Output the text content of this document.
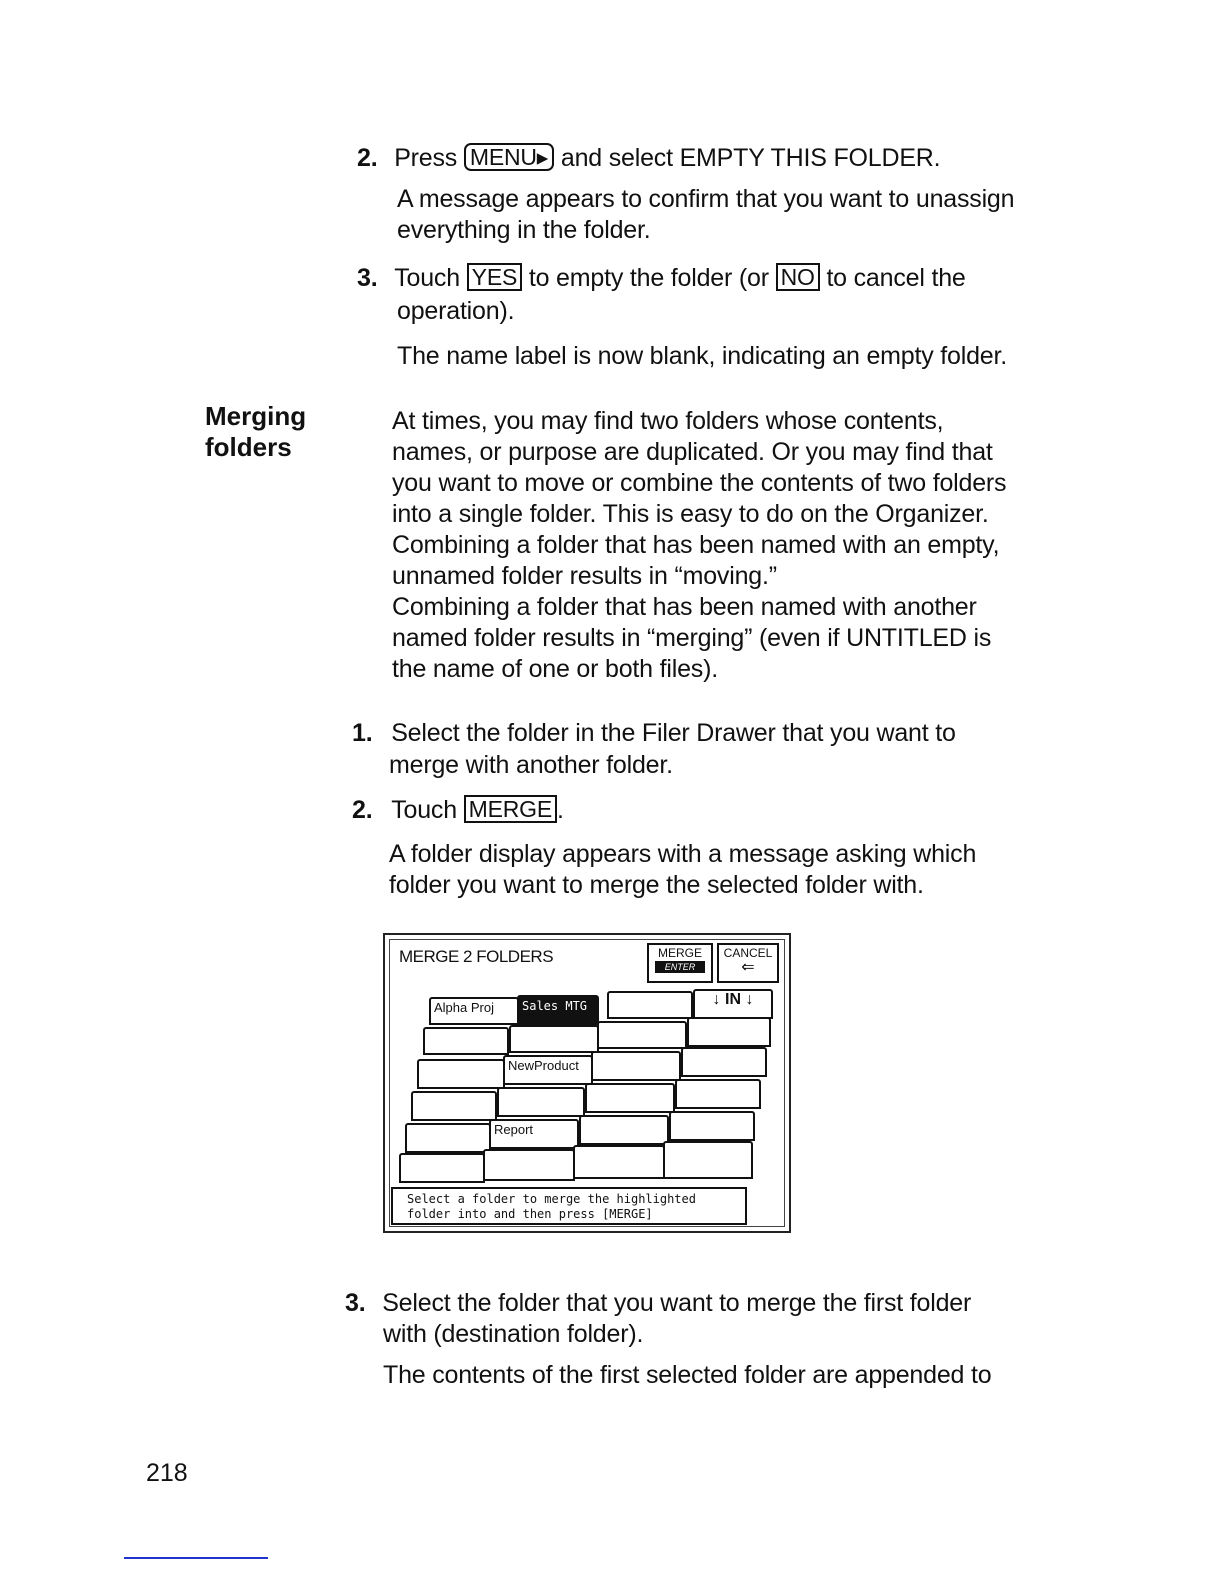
2. Press MENU▸ and select EMPTY THIS FOLDER.
A message appears to confirm that you want to unassign
everything in the folder.
3. Touch YES to empty the folder (or NO to cancel the
operation).
The name label is now blank, indicating an empty folder.
Merging
folders
At times, you may find two folders whose contents,
names, or purpose are duplicated. Or you may find that
you want to move or combine the contents of two folders
into a single folder. This is easy to do on the Organizer.
Combining a folder that has been named with an empty,
unnamed folder results in “moving.”
Combining a folder that has been named with another
named folder results in “merging” (even if UNTITLED is
the name of one or both files).
1. Select the folder in the Filer Drawer that you want to
merge with another folder.
2. Touch MERGE .
A folder display appears with a message asking which
folder you want to merge the selected folder with.
MERGE 2 FOLDERS	MERGE
ENTER
CANCEL
⇐
Alpha Proj	Sales MTG	↓ IN ↓
NewProduct
Report
Select a folder to merge the highlighted
folder into and then press [MERGE]
3. Select the folder that you want to merge the first folder
with (destination folder).
The contents of the first selected folder are appended to
218
